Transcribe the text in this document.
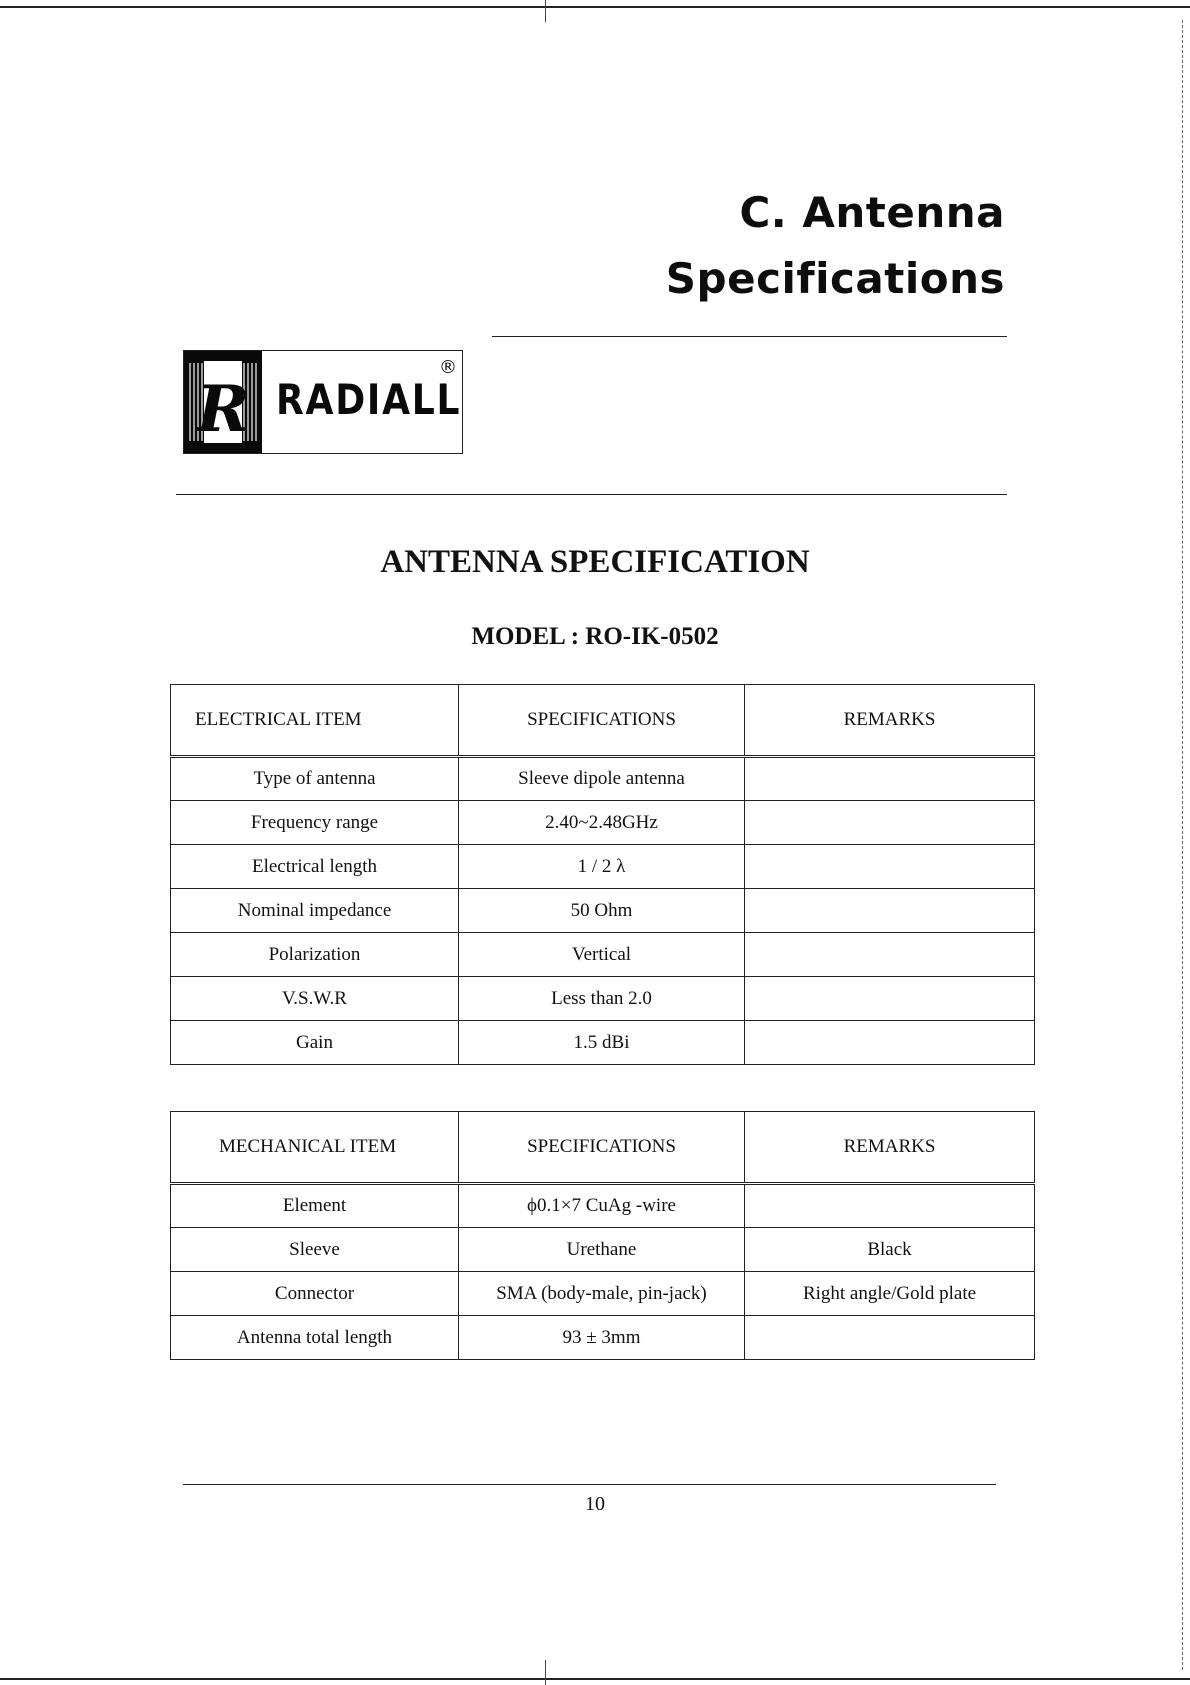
C. Antenna
Specifications
R RADIALL
®
ANTENNA SPECIFICATION
MODEL : RO-IK-0502
ELECTRICAL ITEM	SPECIFICATIONS	REMARKS
Type of antenna	Sleeve dipole antenna	
Frequency range	2.40~2.48GHz	
Electrical length	1 / 2 λ	
Nominal impedance	50 Ohm	
Polarization	Vertical	
V.S.W.R	Less than 2.0	
Gain	1.5 dBi	
MECHANICAL ITEM	SPECIFICATIONS	REMARKS
Element	ϕ0.1×7 CuAg -wire	
Sleeve	Urethane	Black
Connector	SMA (body-male, pin-jack)	Right angle/Gold plate
Antenna total length	93 ± 3mm	
10
